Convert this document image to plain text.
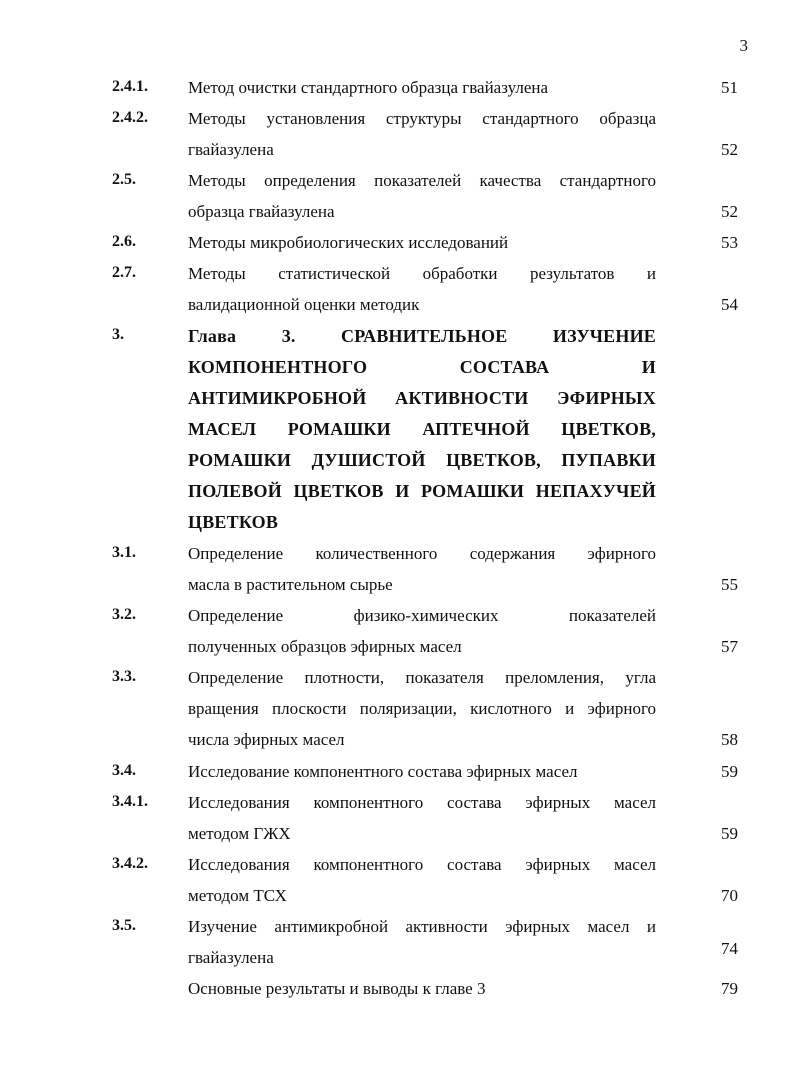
3
2.4.1. Метод очистки стандартного образца гвайазулена	51
2.4.2. Методы установления структуры стандартного образца
гвайазулена	52
2.5.	Методы определения показателей качества стандартного
образца гвайазулена	52
2.6.	Методы микробиологических исследований	53
2.7.	Методы статистической обработки результатов и
валидационной оценки методик	54
3.	Глава 3. СРАВНИТЕЛЬНОЕ ИЗУЧЕНИЕ
КОМПОНЕНТНОГО СОСТАВА И
АНТИМИКРОБНОЙ АКТИВНОСТИ ЭФИРНЫХ
МАСЕЛ РОМАШКИ АПТЕЧНОЙ ЦВЕТКОВ,
РОМАШКИ ДУШИСТОЙ ЦВЕТКОВ, ПУПАВКИ
ПОЛЕВОЙ ЦВЕТКОВ И РОМАШКИ НЕПАХУЧЕЙ
ЦВЕТКОВ
3.1.	Определение количественного содержания эфирного
масла в растительном сырье	55
3.2.	Определение физико-химических показателей
полученных образцов эфирных масел	57
3.3.	Определение плотности, показателя преломления, угла
вращения плоскости поляризации, кислотного и эфирного
числа эфирных масел	58
3.4.	Исследование компонентного состава эфирных масел	59
3.4.1. Исследования компонентного состава эфирных масел
методом ГЖХ	59
3.4.2. Исследования компонентного состава эфирных масел
методом ТСХ	70
3.5.	Изучение антимикробной активности эфирных масел и
гвайазулена	74
Основные результаты и выводы к главе 3	79
